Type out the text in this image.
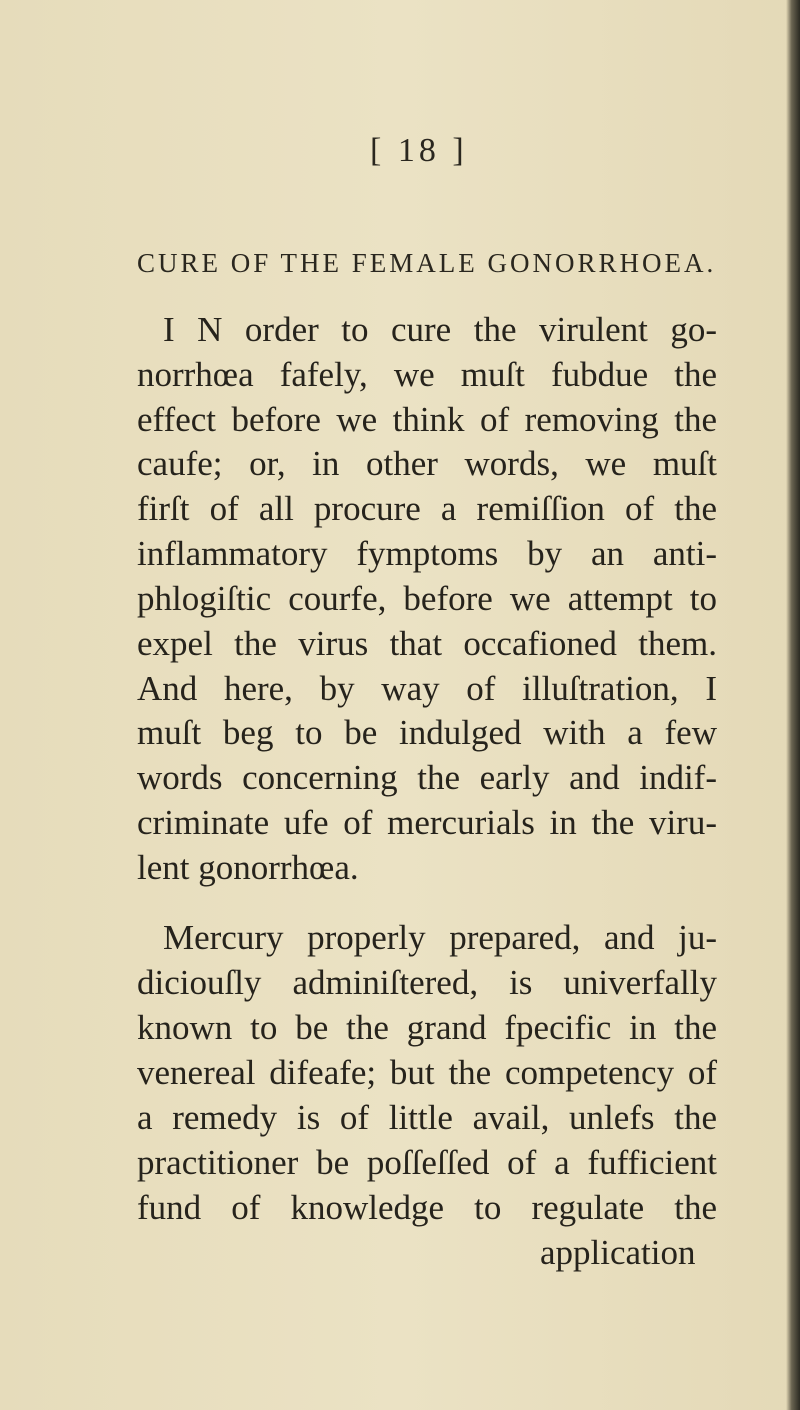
[ 18 ]
CURE OF THE FEMALE GONORRHOEA.
I N order to cure the virulent go-
norrhœa fafely, we muſt fubdue the
effect before we think of removing the
caufe; or, in other words, we muſt
firſt of all procure a remiſſion of the
inflammatory fymptoms by an anti-
phlogiſtic courfe, before we attempt to
expel the virus that occafioned them.
And here, by way of illuſtration, I
muſt beg to be indulged with a few
words concerning the early and indif-
criminate ufe of mercurials in the viru-
lent gonorrhœa.
Mercury properly prepared, and ju-
diciouſly adminiſtered, is univerfally
known to be the grand fpecific in the
venereal difeafe; but the competency of
a remedy is of little avail, unlefs the
practitioner be poſſeſſed of a fufficient
fund of knowledge to regulate the
application
